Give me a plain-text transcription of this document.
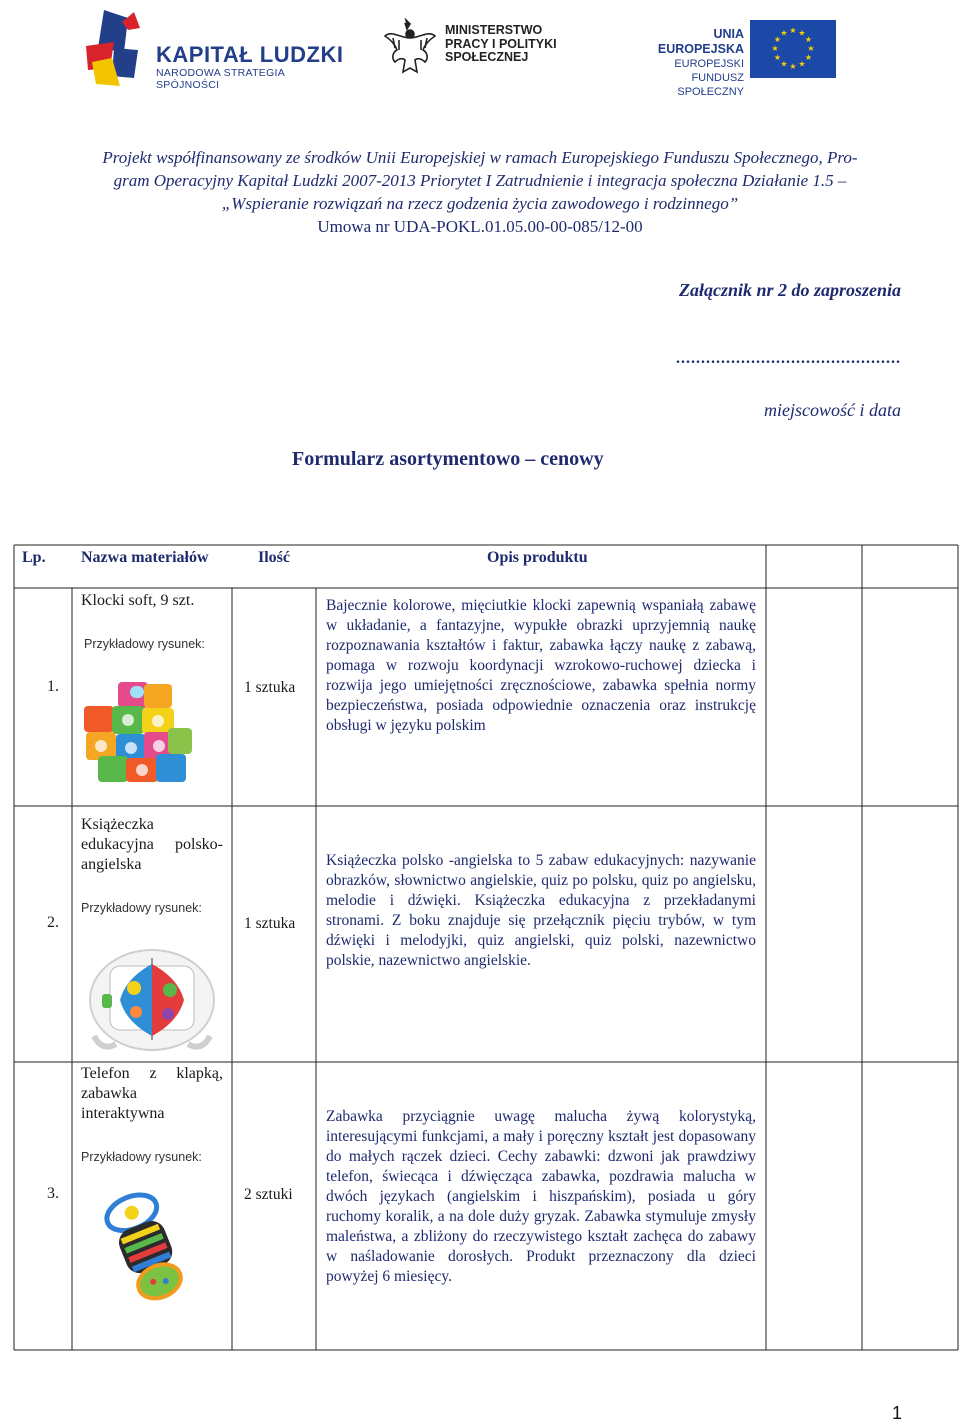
KAPITAŁ LUDZKI
NARODOWA STRATEGIA SPÓJNOŚCI
MINISTERSTWO
PRACY I POLITYKI
SPOŁECZNEJ
UNIA EUROPEJSKA
EUROPEJSKI
FUNDUSZ SPOŁECZNY
★ ★
★
★
★
★
★
★
★
★
★
★
Projekt współfinansowany ze środków Unii Europejskiej w ramach Europejskiego Funduszu Społecznego, Pro-
gram Operacyjny Kapitał Ludzki 2007-2013 Priorytet I Zatrudnienie i integracja społeczna Działanie 1.5 –
„Wspieranie rozwiązań na rzecz godzenia życia zawodowego i rodzinnego”
Umowa nr UDA-POKL.01.05.00-00-085/12-00
Załącznik nr 2 do zaproszenia
.............................................
miejscowość i data
Formularz asortymentowo – cenowy
Lp. Nazwa materiałów	Ilość	Opis produktu
1.
Klocki soft, 9 szt.
Przykładowy rysunek:
1 sztuka
Bajecznie kolorowe, mięciutkie klocki zapewnią wspaniałą zabawę w układanie, a fantazyjne, wypukłe obrazki uprzyjemnią naukę rozpoznawania kształtów i faktur, zabawka łączy naukę z zabawą, pomaga w rozwoju koordynacji wzrokowo-ruchowej dziecka i rozwija jego umiejętności zręcznościowe, zabawka spełnia normy bezpieczeństwa, posiada odpowiednie oznaczenia oraz instrukcję obsługi w języku polskim
2.
Książeczka edukacyjna polsko-angielska
Przykładowy rysunek:
1 sztuka
Książeczka polsko -angielska to 5 zabaw edukacyjnych: nazywanie obrazków, słownictwo angielskie, quiz po polsku, quiz po angielsku, melodie i dźwięki. Książeczka edukacyjna z przekładanymi stronami. Z boku znajduje się przełącznik pięciu trybów, w tym dźwięki i melodyjki, quiz angielski, quiz polski, nazewnictwo polskie, nazewnictwo angielskie.
3.
Telefon z klapką, zabawka interaktywna
Przykładowy rysunek:
2 sztuki
Zabawka przyciągnie uwagę malucha żywą kolorystyką, interesującymi funkcjami, a mały i poręczny kształt jest dopasowany do małych rączek dzieci. Cechy zabawki: dzwoni jak prawdziwy telefon, świecąca i dźwięcząca zabawka, pozdrawia malucha w dwóch językach (angielskim i hiszpańskim), posiada u góry ruchomy koralik, a na dole duży gryzak. Zabawka stymuluje zmysły maleństwa, a zbliżony do rzeczywistego kształt zachęca do zabawy w naśladowanie dorosłych. Produkt przeznaczony dla dzieci powyżej 6 miesięcy.
1
